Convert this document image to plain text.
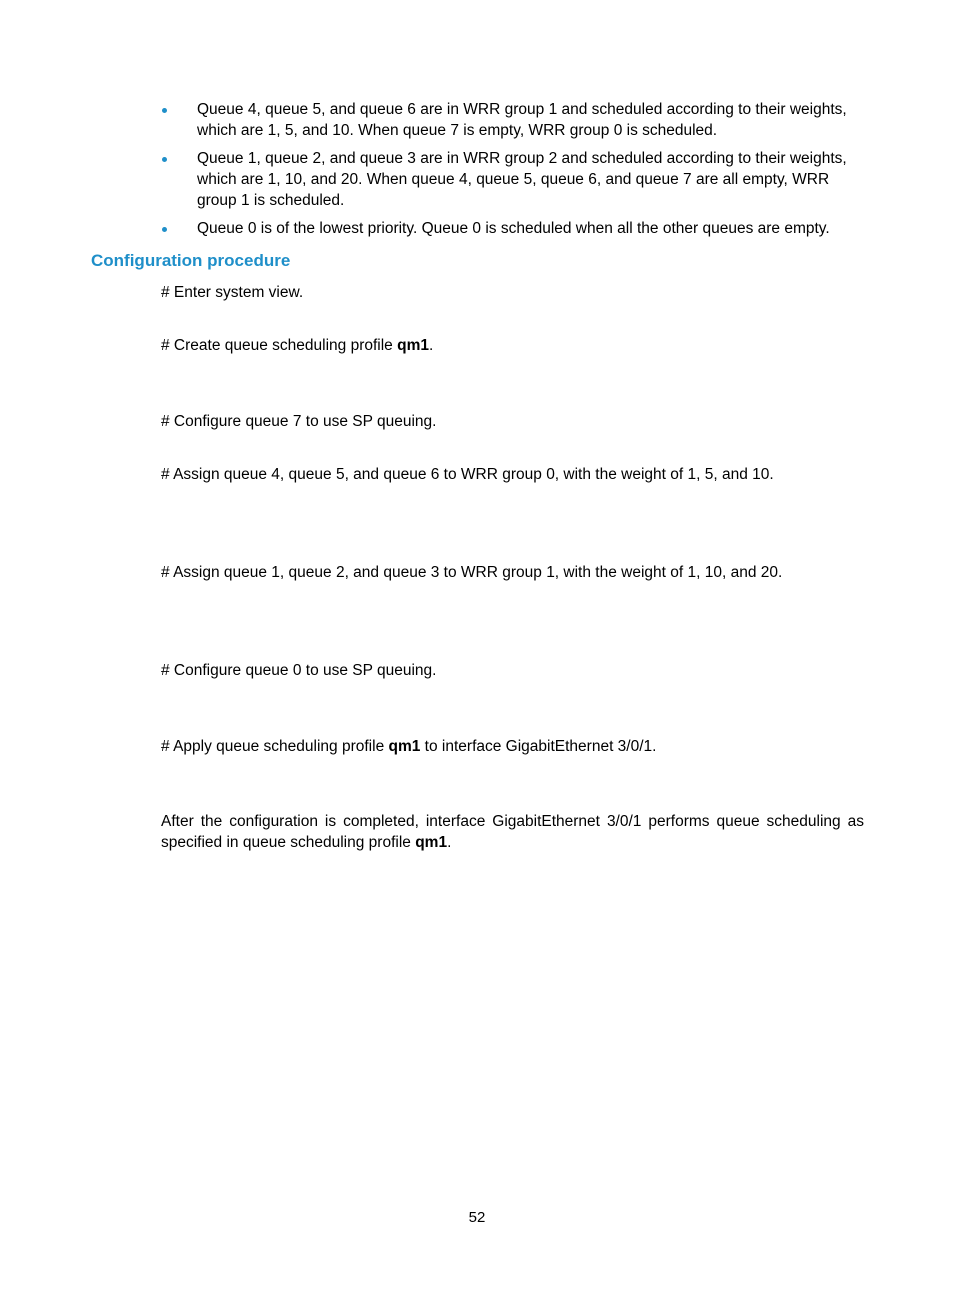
Queue 4, queue 5, and queue 6 are in WRR group 1 and scheduled according to their weights, which are 1, 5, and 10. When queue 7 is empty, WRR group 0 is scheduled.
Queue 1, queue 2, and queue 3 are in WRR group 2 and scheduled according to their weights, which are 1, 10, and 20. When queue 4, queue 5, queue 6, and queue 7 are all empty, WRR group 1 is scheduled.
Queue 0 is of the lowest priority. Queue 0 is scheduled when all the other queues are empty.
Configuration procedure

# Enter system view.

# Create queue scheduling profile qm1.

# Configure queue 7 to use SP queuing.

# Assign queue 4, queue 5, and queue 6 to WRR group 0, with the weight of 1, 5, and 10.

# Assign queue 1, queue 2, and queue 3 to WRR group 1, with the weight of 1, 10, and 20.

# Configure queue 0 to use SP queuing.

# Apply queue scheduling profile qm1 to interface GigabitEthernet 3/0/1.

After the configuration is completed, interface GigabitEthernet 3/0/1 performs queue scheduling as specified in queue scheduling profile qm1.

52
